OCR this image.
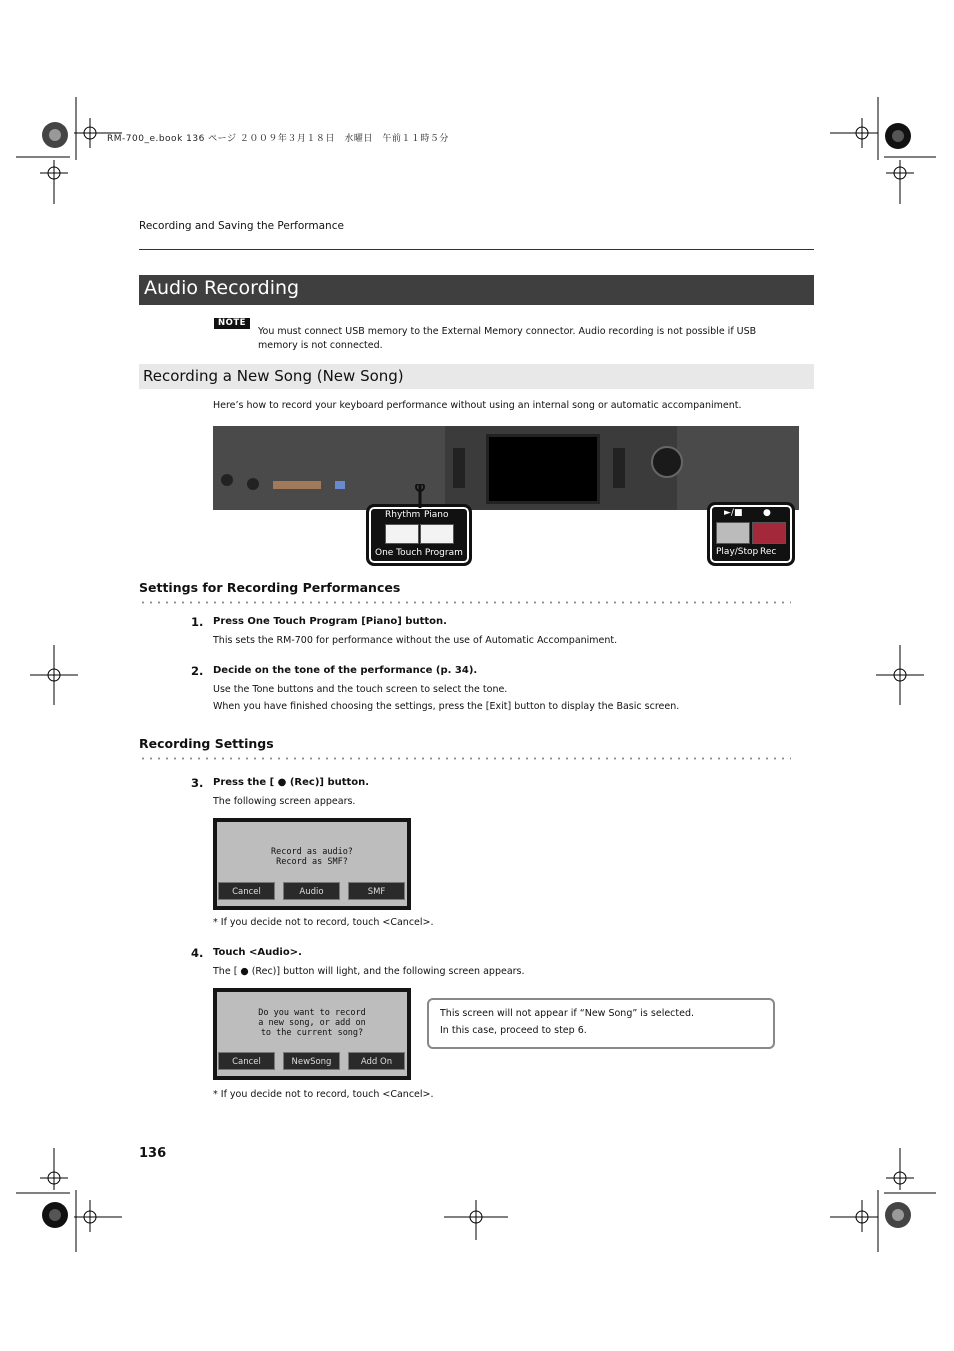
RM-700_e.book 136 ページ ２００９年３月１８日　水曜日　午前１１時５分
Recording and Saving the Performance
Audio Recording
NOTE
You must connect USB memory to the External Memory connector. Audio recording is not possible if USB memory is not connected.
Recording a New Song (New Song)
Here’s how to record your keyboard performance without using an internal song or automatic accompaniment.
Rhythm Piano
One Touch Program
►/■ ●
Play/Stop Rec
Settings for Recording Performances
1. Press One Touch Program [Piano] button.
This sets the RM-700 for performance without the use of Automatic Accompaniment.
2. Decide on the tone of the performance (p. 34).
Use the Tone buttons and the touch screen to select the tone.
When you have finished choosing the settings, press the [Exit] button to display the Basic screen.
Recording Settings
3. Press the [ ● (Rec)] button.
The following screen appears.
Record as audio?
Record as SMF?
Cancel	Audio	SMF
* If you decide not to record, touch <Cancel>.
4. Touch <Audio>.
The [ ● (Rec)] button will light, and the following screen appears.
Do you want to record
a new song, or add on
to the current song?
Cancel	NewSong	Add On
This screen will not appear if “New Song” is selected.
In this case, proceed to step 6.
* If you decide not to record, touch <Cancel>.
136
